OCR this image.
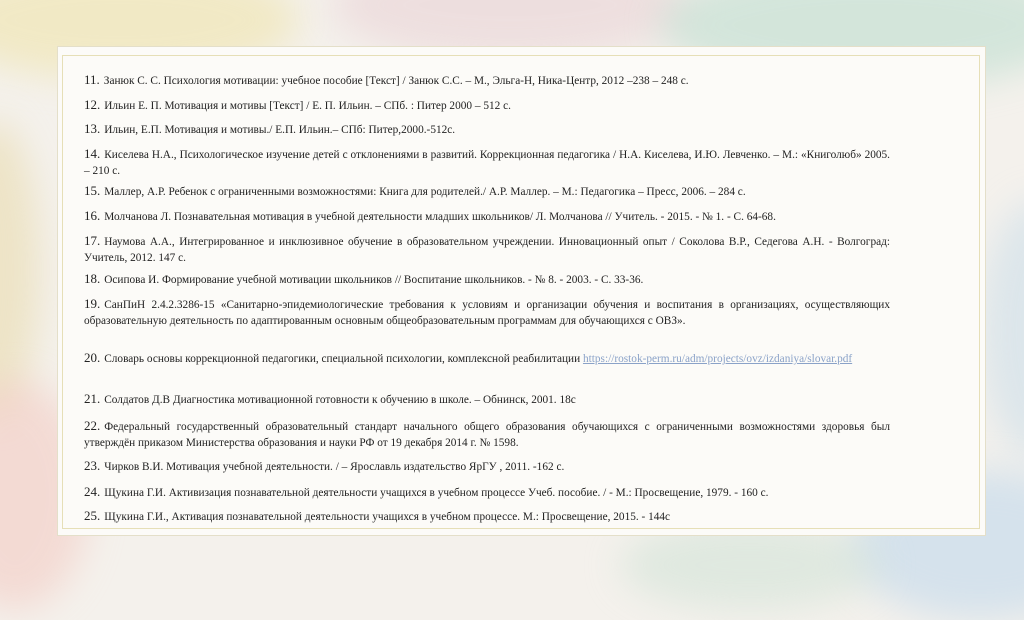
11. Занюк С. С. Психология мотивации: учебное пособие [Текст] / Занюк С.С. – М., Эльга-Н, Ника-Центр, 2012 –238 – 248 с.
12. Ильин Е. П. Мотивация и мотивы [Текст] / Е. П. Ильин. – СПб. : Питер 2000 – 512 с.
13. Ильин, Е.П. Мотивация и мотивы./ Е.П. Ильин.– СПб: Питер,2000.-512с.
14. Киселева Н.А., Психологическое изучение детей с отклонениями в развитий. Коррекционная педагогика / Н.А. Киселева, И.Ю. Левченко. – М.: «Книголюб» 2005. – 210 с.
15. Маллер, А.Р. Ребенок с ограниченными возможностями: Книга для родителей./ А.Р. Маллер. – М.: Педагогика – Пресс, 2006. – 284 с.
16. Молчанова Л. Познавательная мотивация в учебной деятельности младших школьников/ Л. Молчанова // Учитель. - 2015. - № 1. - С. 64-68.
17. Наумова А.А., Интегрированное и инклюзивное обучение в образовательном учреждении. Инновационный опыт / Соколова В.Р., Седегова А.Н. - Волгоград: Учитель, 2012. 147 с.
18. Осипова И. Формирование учебной мотивации школьников // Воспитание школьников. - № 8. - 2003. - С. 33-36.
19. СанПиН 2.4.2.3286-15 «Санитарно-эпидемиологические требования к условиям и организации обучения и воспитания в организациях, осуществляющих образовательную деятельность по адаптированным основным общеобразовательным программам для обучающихся с ОВЗ».
20. Словарь основы коррекционной педагогики, специальной психологии, комплексной реабилитации https://rostok-perm.ru/adm/projects/ovz/izdaniya/slovar.pdf
21. Солдатов Д.В Диагностика мотивационной готовности к обучению в школе. – Обнинск, 2001. 18с
22. Федеральный государственный образовательный стандарт начального общего образования обучающихся с ограниченными возможностями здоровья был утверждён приказом Министерства образования и науки РФ от 19 декабря 2014 г. № 1598.
23. Чирков В.И. Мотивация учебной деятельности. / – Ярославль издательство ЯрГУ , 2011. -162 с.
24. Щукина Г.И. Активизация познавательной деятельности учащихся в учебном процессе Учеб. пособие. / - М.: Просвещение, 1979. - 160 с.
25. Щукина Г.И., Активация познавательной деятельности учащихся в учебном процессе. М.: Просвещение, 2015. - 144с
